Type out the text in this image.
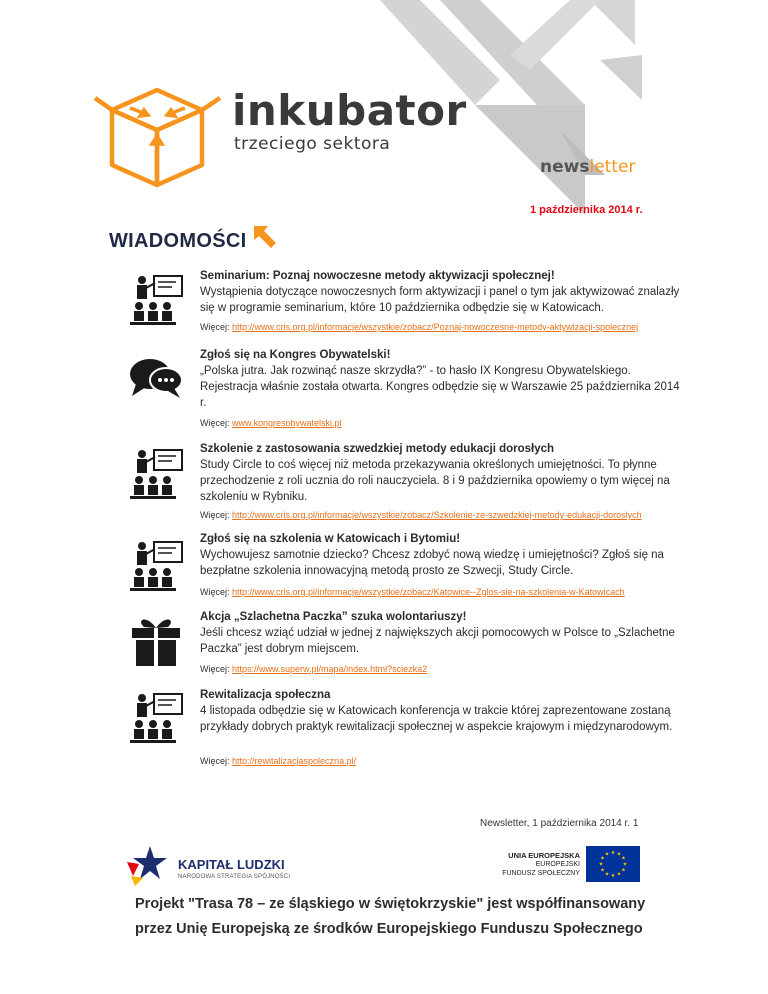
inkubator
trzeciego sektora
newsletter
1 października 2014 r.
WIADOMOŚCI
Seminarium: Poznaj nowoczesne metody aktywizacji społecznej!
Wystąpienia dotyczące nowoczesnych form aktywizacji i panel o tym jak aktywizować znalazły się w programie seminarium, które 10 października odbędzie się w Katowicach.
Więcej: http://www.cris.org.pl/informacje/wszystkie/zobacz/Poznaj-nowoczesne-metody-aktywizacji-spolecznej
Zgłoś się na Kongres Obywatelski!
„Polska jutra. Jak rozwinąć nasze skrzydła?” - to hasło IX Kongresu Obywatelskiego. Rejestracja właśnie została otwarta. Kongres odbędzie się w Warszawie 25 października 2014 r.
Więcej: www.kongresobywatelski.pl
Szkolenie z zastosowania szwedzkiej metody edukacji dorosłych
Study Circle to coś więcej niż metoda przekazywania określonych umiejętności. To płynne przechodzenie z roli ucznia do roli nauczyciela. 8 i 9 października opowiemy o tym więcej na szkoleniu w Rybniku.
Więcej: http://www.cris.org.pl/informacje/wszystkie/zobacz/Szkolenie-ze-szwedzkiej-metody-edukacji-doroslych
Zgłoś się na szkolenia w Katowicach i Bytomiu!
Wychowujesz samotnie dziecko? Chcesz zdobyć nową wiedzę i umiejętności? Zgłoś się na bezpłatne szkolenia innowacyjną metodą prosto ze Szwecji, Study Circle.
Więcej: http://www.cris.org.pl/informacje/wszystkie/zobacz/Katowice--Zglos-sie-na-szkolenia-w-Katowicach
Akcja „Szlachetna Paczka” szuka wolontariuszy!
Jeśli chcesz wziąć udział w jednej z największych akcji pomocowych w Polsce to „Szlachetne Paczka” jest dobrym miejscem.
Więcej: https://www.superw.pl/mapa/index.html?sciezka2
Rewitalizacja społeczna
4 listopada odbędzie się w Katowicach konferencja w trakcie której zaprezentowane zostaną przykłady dobrych praktyk rewitalizacji społecznej w aspekcie krajowym i międzynarodowym.
Więcej: http://rewitalizacjaspoleczna.pl/
Newsletter, 1 października 2014 r. 1
KAPITAŁ LUDZKI
NARODOWA STRATEGIA SPÓJNOŚCI
UNIA EUROPEJSKA
EUROPEJSKI
FUNDUSZ SPOŁECZNY
★ ★
★
★
★
★
★
★
★
★
★
★
Projekt "Trasa 78 – ze śląskiego w świętokrzyskie" jest współfinansowany
przez Unię Europejską ze środków Europejskiego Funduszu Społecznego
